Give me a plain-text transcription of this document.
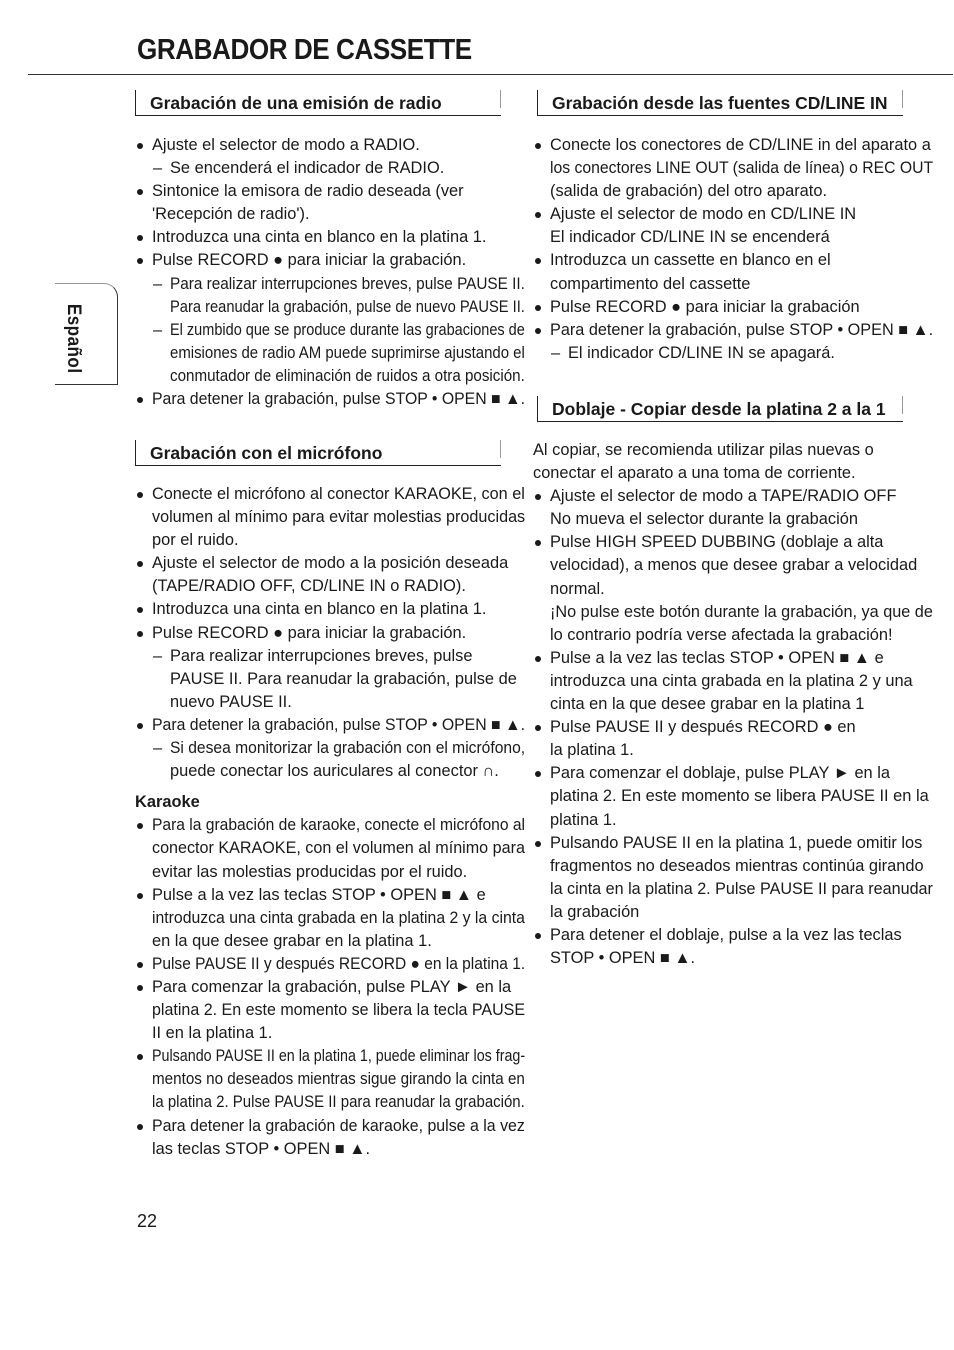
GRABADOR DE CASSETTE
Español
Grabación de una emisión de radio
Ajuste el selector de modo a RADIO.
– Se encenderá el indicador de RADIO.
Sintonice la emisora de radio deseada (ver
'Recepción de radio').
Introduzca una cinta en blanco en la platina 1.
Pulse RECORD ● para iniciar la grabación.
– Para realizar interrupciones breves, pulse PAUSE II.
Para reanudar la grabación, pulse de nuevo PAUSE II.
– El zumbido que se produce durante las grabaciones de
emisiones de radio AM puede suprimirse ajustando el
conmutador de eliminación de ruidos a otra posición.
Para detener la grabación, pulse STOP • OPEN ■ ▲.
Grabación con el micrófono
Conecte el micrófono al conector KARAOKE, con el
volumen al mínimo para evitar molestias producidas
por el ruido.
Ajuste el selector de modo a la posición deseada
(TAPE/RADIO OFF, CD/LINE IN o RADIO).
Introduzca una cinta en blanco en la platina 1.
Pulse RECORD ● para iniciar la grabación.
– Para realizar interrupciones breves, pulse
PAUSE II. Para reanudar la grabación, pulse de
nuevo PAUSE II.
Para detener la grabación, pulse STOP • OPEN ■ ▲.
– Si desea monitorizar la grabación con el micrófono,
puede conectar los auriculares al conector ∩.
Karaoke
Para la grabación de karaoke, conecte el micrófono al
conector KARAOKE, con el volumen al mínimo para
evitar las molestias producidas por el ruido.
Pulse a la vez las teclas STOP • OPEN ■ ▲ e
introduzca una cinta grabada en la platina 2 y la cinta
en la que desee grabar en la platina 1.
Pulse PAUSE II y después RECORD ● en la platina 1.
Para comenzar la grabación, pulse PLAY ► en la
platina 2. En este momento se libera la tecla PAUSE
II en la platina 1.
Pulsando PAUSE II en la platina 1, puede eliminar los frag-
mentos no deseados mientras sigue girando la cinta en
la platina 2. Pulse PAUSE II para reanudar la grabación.
Para detener la grabación de karaoke, pulse a la vez
las teclas STOP • OPEN ■ ▲.
Grabación desde las fuentes CD/LINE IN
Conecte los conectores de CD/LINE in del aparato a
los conectores LINE OUT (salida de línea) o REC OUT
(salida de grabación) del otro aparato.
Ajuste el selector de modo en CD/LINE IN
El indicador CD/LINE IN se encenderá
Introduzca un cassette en blanco en el
compartimento del cassette
Pulse RECORD ● para iniciar la grabación
Para detener la grabación, pulse STOP • OPEN ■ ▲.
– El indicador CD/LINE IN se apagará.
Doblaje - Copiar desde la platina 2 a la 1
Al copiar, se recomienda utilizar pilas nuevas o
conectar el aparato a una toma de corriente.
Ajuste el selector de modo a TAPE/RADIO OFF
No mueva el selector durante la grabación
Pulse HIGH SPEED DUBBING (doblaje a alta
velocidad), a menos que desee grabar a velocidad
normal.
¡No pulse este botón durante la grabación, ya que de
lo contrario podría verse afectada la grabación!
Pulse a la vez las teclas STOP • OPEN ■ ▲ e
introduzca una cinta grabada en la platina 2 y una
cinta en la que desee grabar en la platina 1
Pulse PAUSE II y después RECORD ● en
la platina 1.
Para comenzar el doblaje, pulse PLAY ► en la
platina 2. En este momento se libera PAUSE II en la
platina 1.
Pulsando PAUSE II en la platina 1, puede omitir los
fragmentos no deseados mientras continúa girando
la cinta en la platina 2. Pulse PAUSE II para reanudar
la grabación
Para detener el doblaje, pulse a la vez las teclas
STOP • OPEN ■ ▲.
22
